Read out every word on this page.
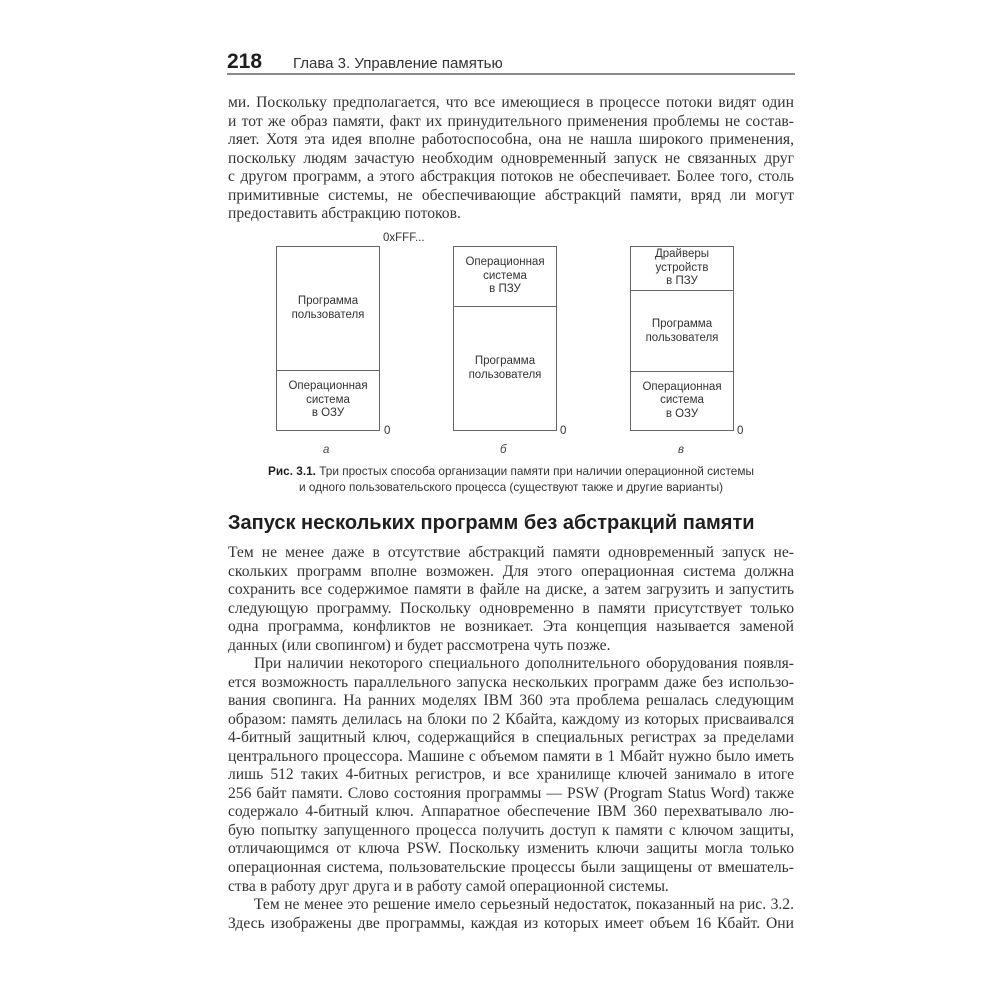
218 Глава 3. Управление памятью
ми. Поскольку предполагается, что все имеющиеся в процессе потоки видят один
и тот же образ памяти, факт их принудительного применения проблемы не состав-
ляет. Хотя эта идея вполне работоспособна, она не нашла широкого применения,
поскольку людям зачастую необходим одновременный запуск не связанных друг
с другом программ, а этого абстракция потоков не обеспечивает. Более того, столь
примитивные системы, не обеспечивающие абстракций памяти, вряд ли могут
предоставить абстракцию потоков.
0xFFF...
Программа
пользователя
Операционная
система
в ОЗУ
0
а
Операционная
система
в ПЗУ
Программа
пользователя
0
б
Драйверы
устройств
в ПЗУ
Программа
пользователя
Операционная
система
в ОЗУ
0
в
Рис. 3.1. Три простых способа организации памяти при наличии операционной системы
и одного пользовательского процесса (существуют также и другие варианты)
Запуск нескольких программ без абстракций памяти
Тем не менее даже в отсутствие абстракций памяти одновременный запуск не-
скольких программ вполне возможен. Для этого операционная система должна
сохранить все содержимое памяти в файле на диске, а затем загрузить и запустить
следующую программу. Поскольку одновременно в памяти присутствует только
одна программа, конфликтов не возникает. Эта концепция называется заменой
данных (или свопингом) и будет рассмотрена чуть позже.
При наличии некоторого специального дополнительного оборудования появля-
ется возможность параллельного запуска нескольких программ даже без использо-
вания свопинга. На ранних моделях IBM 360 эта проблема решалась следующим
образом: память делилась на блоки по 2 Кбайта, каждому из которых присваивался
4-битный защитный ключ, содержащийся в специальных регистрах за пределами
центрального процессора. Машине с объемом памяти в 1 Мбайт нужно было иметь
лишь 512 таких 4-битных регистров, и все хранилище ключей занимало в итоге
256 байт памяти. Слово состояния программы — PSW (Program Status Word) также
содержало 4-битный ключ. Аппаратное обеспечение IBM 360 перехватывало лю-
бую попытку запущенного процесса получить доступ к памяти с ключом защиты,
отличающимся от ключа PSW. Поскольку изменить ключи защиты могла только
операционная система, пользовательские процессы были защищены от вмешатель-
ства в работу друг друга и в работу самой операционной системы.
Тем не менее это решение имело серьезный недостаток, показанный на рис. 3.2.
Здесь изображены две программы, каждая из которых имеет объем 16 Кбайт. Они
